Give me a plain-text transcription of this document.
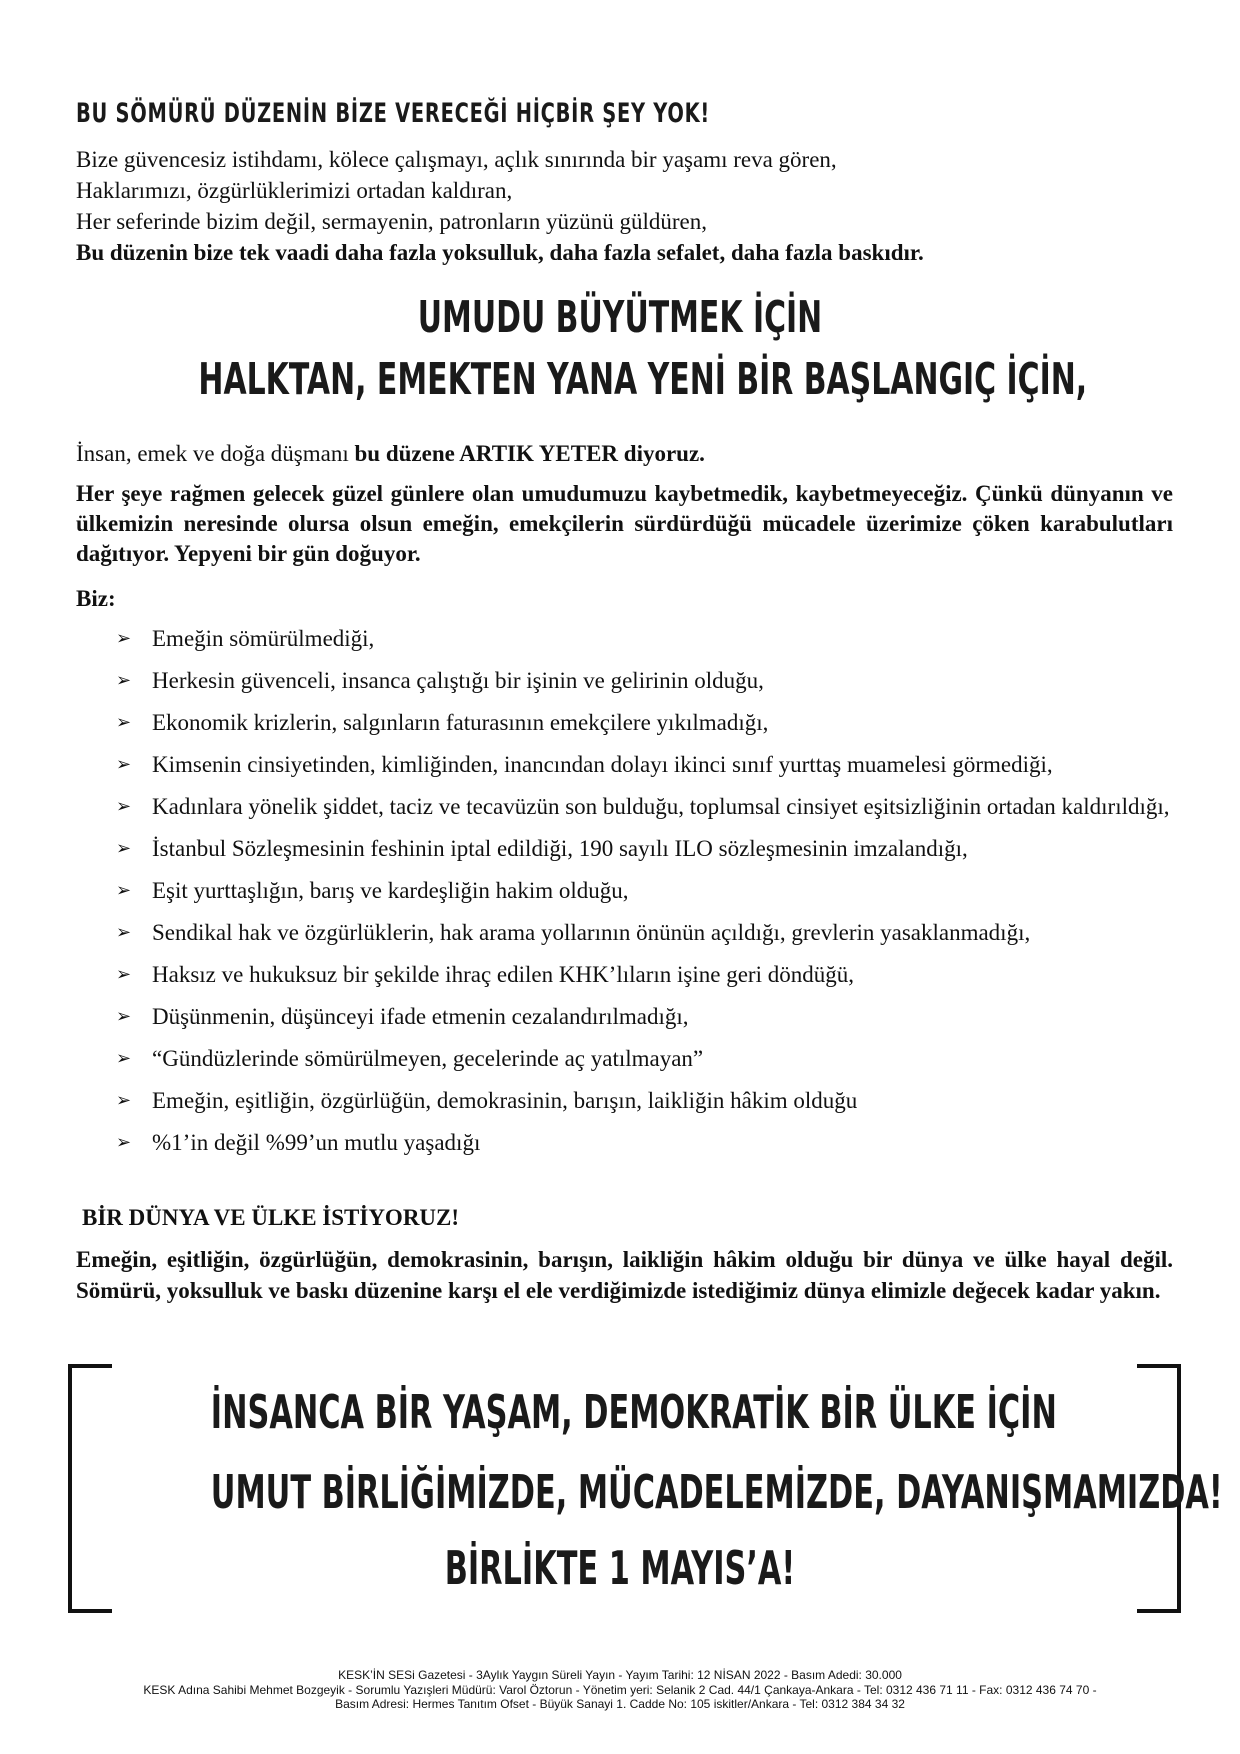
BU SÖMÜRÜ DÜZENİN BİZE VERECEĞİ HİÇBİR ŞEY YOK!
Bize güvencesiz istihdamı, kölece çalışmayı, açlık sınırında bir yaşamı reva gören,
Haklarımızı, özgürlüklerimizi ortadan kaldıran,
Her seferinde bizim değil, sermayenin, patronların yüzünü güldüren,
Bu düzenin bize tek vaadi daha fazla yoksulluk, daha fazla sefalet, daha fazla baskıdır.
UMUDU BÜYÜTMEK İÇİN
HALKTAN, EMEKTEN YANA YENİ BİR BAŞLANGIÇ İÇİN,
İnsan, emek ve doğa düşmanı bu düzene ARTIK YETER diyoruz.
Her şeye rağmen gelecek güzel günlere olan umudumuzu kaybetmedik, kaybetmeyeceğiz. Çünkü dünyanın ve ülkemizin neresinde olursa olsun emeğin, emekçilerin sürdürdüğü mücadele üzerimize çöken karabulutları dağıtıyor. Yepyeni bir gün doğuyor.
Biz:
➢ Emeğin sömürülmediği,
➢ Herkesin güvenceli, insanca çalıştığı bir işinin ve gelirinin olduğu,
➢ Ekonomik krizlerin, salgınların faturasının emekçilere yıkılmadığı,
➢ Kimsenin cinsiyetinden, kimliğinden, inancından dolayı ikinci sınıf yurttaş muamelesi görmediği,
➢ Kadınlara yönelik şiddet, taciz ve tecavüzün son bulduğu, toplumsal cinsiyet eşitsizliğinin ortadan kaldırıldığı,
➢ İstanbul Sözleşmesinin feshinin iptal edildiği, 190 sayılı ILO sözleşmesinin imzalandığı,
➢ Eşit yurttaşlığın, barış ve kardeşliğin hakim olduğu,
➢ Sendikal hak ve özgürlüklerin, hak arama yollarının önünün açıldığı, grevlerin yasaklanmadığı,
➢ Haksız ve hukuksuz bir şekilde ihraç edilen KHK’lıların işine geri döndüğü,
➢ Düşünmenin, düşünceyi ifade etmenin cezalandırılmadığı,
➢ “Gündüzlerinde sömürülmeyen, gecelerinde aç yatılmayan”
➢ Emeğin, eşitliğin, özgürlüğün, demokrasinin, barışın, laikliğin hâkim olduğu
➢ %1’in değil %99’un mutlu yaşadığı
BİR DÜNYA VE ÜLKE İSTİYORUZ!
Emeğin, eşitliğin, özgürlüğün, demokrasinin, barışın, laikliğin hâkim olduğu bir dünya ve ülke hayal değil. Sömürü, yoksulluk ve baskı düzenine karşı el ele verdiğimizde istediğimiz dünya elimizle değecek kadar yakın.
İNSANCA BİR YAŞAM, DEMOKRATİK BİR ÜLKE İÇİN
UMUT BİRLİĞİMİZDE, MÜCADELEMİZDE, DAYANIŞMAMIZDA!
BİRLİKTE 1 MAYIS’A!
KESK’İN SESi Gazetesi - 3Aylık Yaygın Süreli Yayın - Yayım Tarihi: 12 NİSAN 2022 - Basım Adedi: 30.000
KESK Adına Sahibi Mehmet Bozgeyik - Sorumlu Yazışleri Müdürü: Varol Öztorun - Yönetim yeri: Selanik 2 Cad. 44/1 Çankaya-Ankara - Tel: 0312 436 71 11 - Fax: 0312 436 74 70 -
Basım Adresi: Hermes Tanıtım Ofset - Büyük Sanayi 1. Cadde No: 105 iskitler/Ankara - Tel: 0312 384 34 32
